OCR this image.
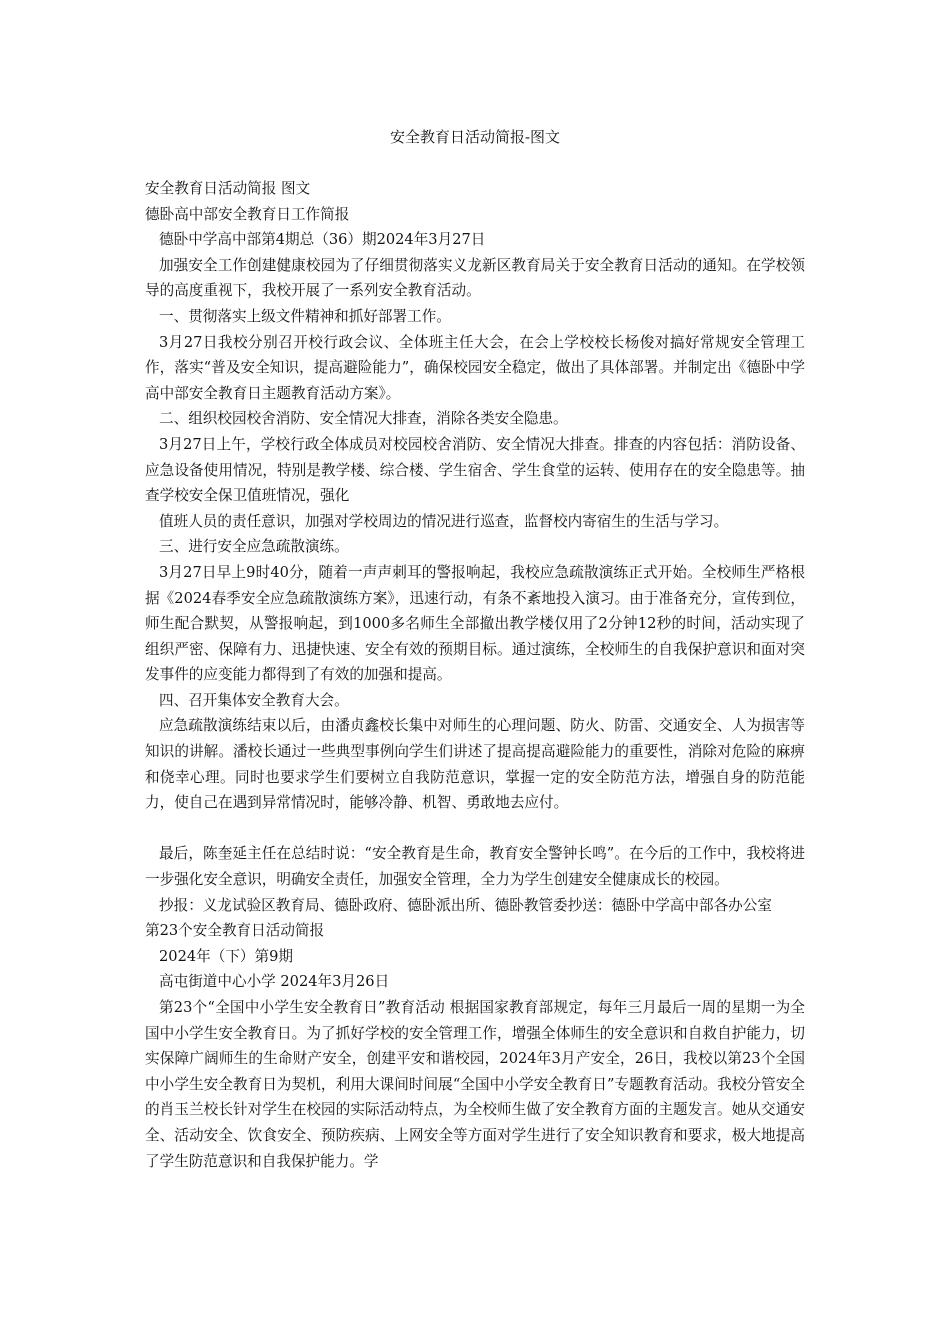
安全教育日活动简报-图文

安全教育日活动简报 图文

德卧高中部安全教育日工作简报

德卧中学高中部第4期总（36）期2024年3月27日

加强安全工作创建健康校园为了仔细贯彻落实义龙新区教育局关于安全教育日活动的通知。在学校领导的高度重视下，我校开展了一系列安全教育活动。

一、贯彻落实上级文件精神和抓好部署工作。

3月27日我校分别召开校行政会议、全体班主任大会，在会上学校校长杨俊对搞好常规安全管理工作，落实“普及安全知识，提高避险能力”，确保校园安全稳定，做出了具体部署。并制定出《德卧中学高中部安全教育日主题教育活动方案》。

二、组织校园校舍消防、安全情况大排查，消除各类安全隐患。

3月27日上午，学校行政全体成员对校园校舍消防、安全情况大排查。排查的内容包括：消防设备、应急设备使用情况，特别是教学楼、综合楼、学生宿舍、学生食堂的运转、使用存在的安全隐患等。抽查学校安全保卫值班情况，强化

值班人员的责任意识，加强对学校周边的情况进行巡查，监督校内寄宿生的生活与学习。

三、进行安全应急疏散演练。

3月27日早上9时40分，随着一声声刺耳的警报响起，我校应急疏散演练正式开始。全校师生严格根据《2024春季安全应急疏散演练方案》，迅速行动，有条不紊地投入演习。由于准备充分，宣传到位，师生配合默契，从警报响起，到1000多名师生全部撤出教学楼仅用了2分钟12秒的时间，活动实现了组织严密、保障有力、迅捷快速、安全有效的预期目标。通过演练，全校师生的自我保护意识和面对突发事件的应变能力都得到了有效的加强和提高。

四、召开集体安全教育大会。

应急疏散演练结束以后，由潘贞鑫校长集中对师生的心理问题、防火、防雷、交通安全、人为损害等知识的讲解。潘校长通过一些典型事例向学生们讲述了提高提高避险能力的重要性，消除对危险的麻痹和侥幸心理。同时也要求学生们要树立自我防范意识，掌握一定的安全防范方法，增强自身的防范能力，使自己在遇到异常情况时，能够冷静、机智、勇敢地去应付。

最后，陈奎延主任在总结时说：“安全教育是生命，教育安全警钟长鸣”。在今后的工作中，我校将进一步强化安全意识，明确安全责任，加强安全管理，全力为学生创建安全健康成长的校园。

抄报：义龙试验区教育局、德卧政府、德卧派出所、德卧教管委抄送：德卧中学高中部各办公室

第23个安全教育日活动简报

2024年（下）第9期

高屯街道中心小学 2024年3月26日

第23个“全国中小学生安全教育日”教育活动 根据国家教育部规定，每年三月最后一周的星期一为全国中小学生安全教育日。为了抓好学校的安全管理工作，增强全体师生的安全意识和自救自护能力，切实保障广阔师生的生命财产安全，创建平安和谐校园，2024年3月产安全，26日，我校以第23个全国中小学生安全教育日为契机，利用大课间时间展“全国中小学安全教育日”专题教育活动。我校分管安全的肖玉兰校长针对学生在校园的实际活动特点，为全校师生做了安全教育方面的主题发言。她从交通安全、活动安全、饮食安全、预防疾病、上网安全等方面对学生进行了安全知识教育和要求，极大地提高了学生防范意识和自我保护能力。学
